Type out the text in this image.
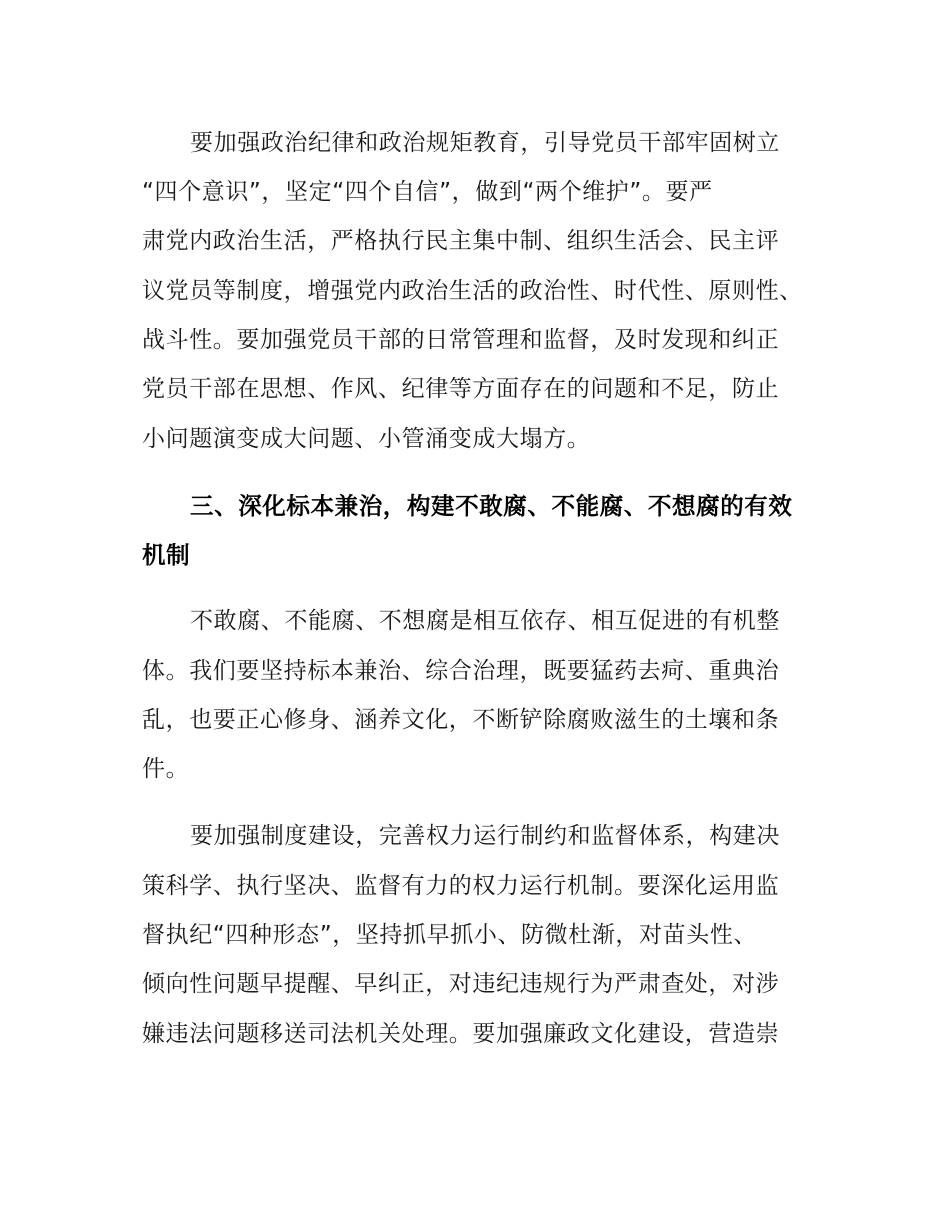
要加强政治纪律和政治规矩教育，引导党员干部牢固树立
“四个意识”，坚定“四个自信”，做到“两个维护”。要严
肃党内政治生活，严格执行民主集中制、组织生活会、民主评
议党员等制度，增强党内政治生活的政治性、时代性、原则性、
战斗性。要加强党员干部的日常管理和监督，及时发现和纠正
党员干部在思想、作风、纪律等方面存在的问题和不足，防止
小问题演变成大问题、小管涌变成大塌方。
三、深化标本兼治，构建不敢腐、不能腐、不想腐的有效
机制
不敢腐、不能腐、不想腐是相互依存、相互促进的有机整
体。我们要坚持标本兼治、综合治理，既要猛药去疴、重典治
乱，也要正心修身、涵养文化，不断铲除腐败滋生的土壤和条
件。
要加强制度建设，完善权力运行制约和监督体系，构建决
策科学、执行坚决、监督有力的权力运行机制。要深化运用监
督执纪“四种形态”，坚持抓早抓小、防微杜渐，对苗头性、
倾向性问题早提醒、早纠正，对违纪违规行为严肃查处，对涉
嫌违法问题移送司法机关处理。要加强廉政文化建设，营造崇
